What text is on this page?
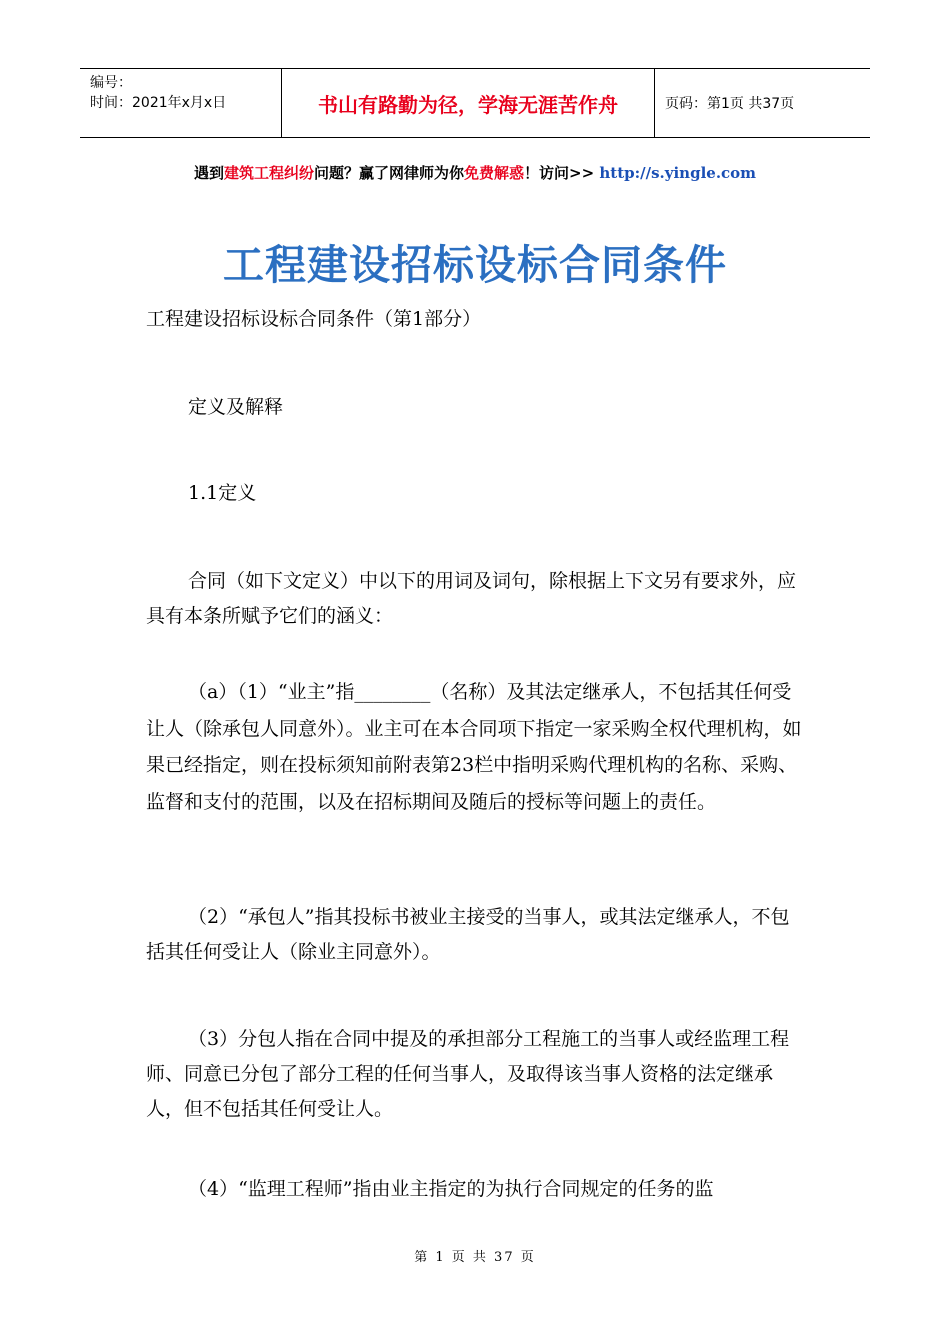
编号：
时间：2021年x月x日	书山有路勤为径，学海无涯苦作舟	页码：第1页 共37页
遇到建筑工程纠纷问题？赢了网律师为你免费解惑！访问>> http://s.yingle.com
工程建设招标设标合同条件
工程建设招标设标合同条件（第1部分）
定义及解释
1.1定义
合同（如下文定义）中以下的用词及词句，除根据上下文另有要求外，应具有本条所赋予它们的涵义：
（a）（1）“业主”指________（名称）及其法定继承人，不包括其任何受让人（除承包人同意外）。业主可在本合同项下指定一家采购全权代理机构，如果已经指定，则在投标须知前附表第23栏中指明采购代理机构的名称、采购、监督和支付的范围，以及在招标期间及随后的授标等问题上的责任。
（2）“承包人”指其投标书被业主接受的当事人，或其法定继承人，不包括其任何受让人（除业主同意外）。
（3）分包人指在合同中提及的承担部分工程施工的当事人或经监理工程师、同意已分包了部分工程的任何当事人，及取得该当事人资格的法定继承人，但不包括其任何受让人。
（4）“监理工程师”指由业主指定的为执行合同规定的任务的监
第 1 页 共 37 页
